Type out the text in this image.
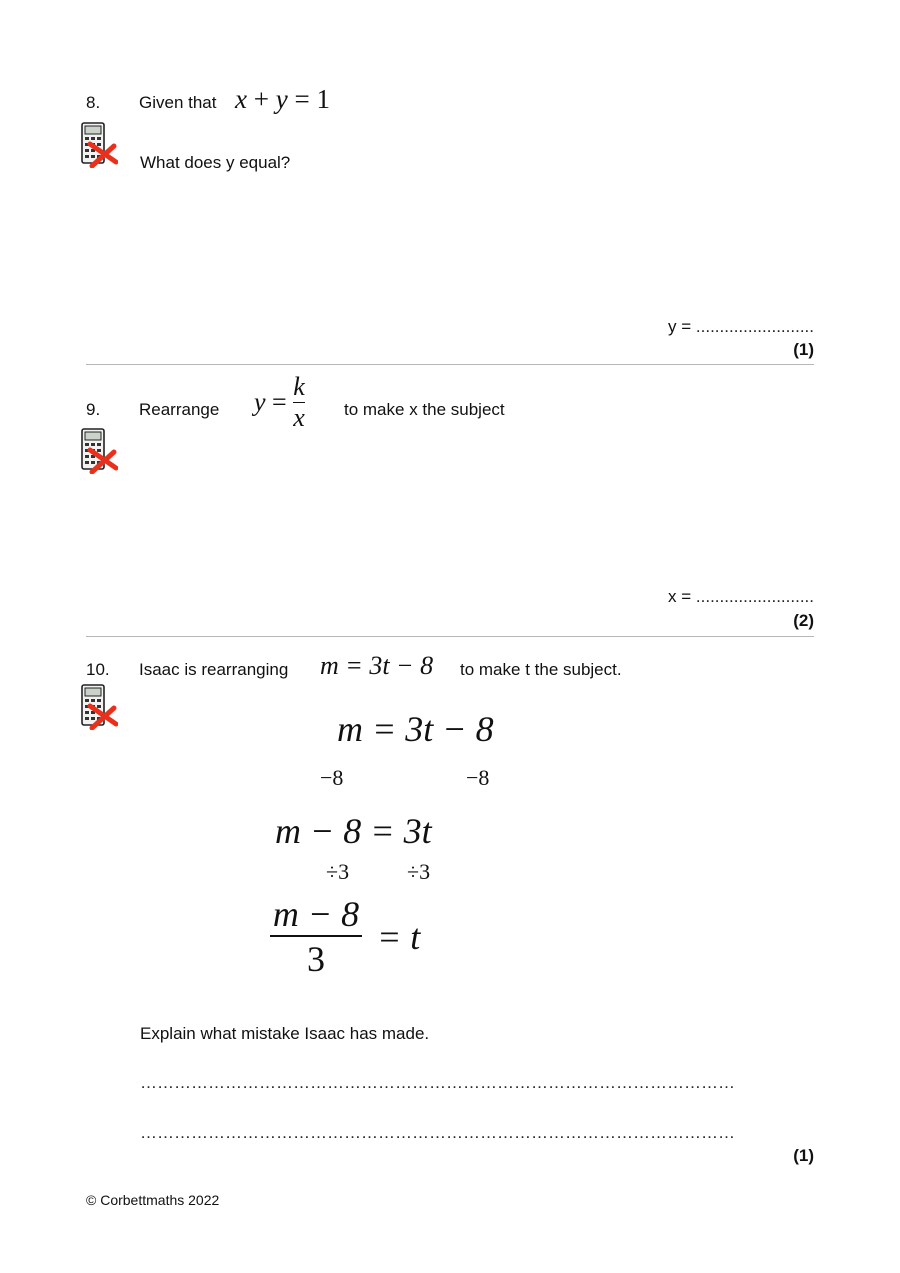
8. Given that x + y = 1
What does y equal?
y = .........................
(1)
9. Rearrange $y = \frac{k}{x}$ to make x the subject
x = .........................
(2)
10. Isaac is rearranging m = 3t − 8 to make t the subject.
m = 3t − 8
−8	−8
m − 8 = 3t
÷3	÷3
$\frac{m - 8}{3} = t$
Explain what mistake Isaac has made.
……………………………………………………………………………………………
……………………………………………………………………………………………
(1)
© Corbettmaths 2022
